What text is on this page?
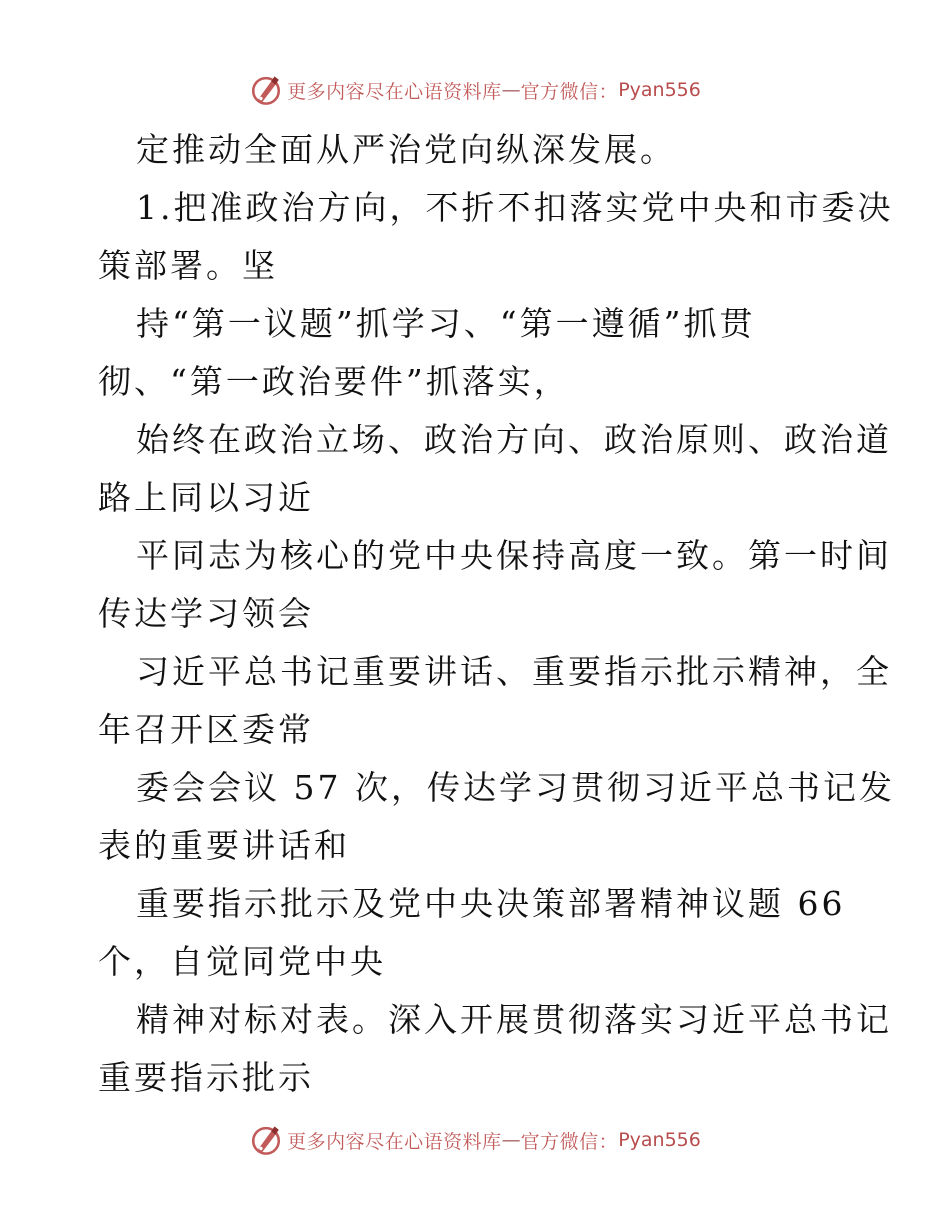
更多内容尽在心语资料库 — 官方微信： Pyan556
定推动全面从严治党向纵深发展。
1.把准政治方向，不折不扣落实党中央和市委决
策部署。坚
持“第一议题”抓学习、“第一遵循”抓贯
彻、“第一政治要件”抓落实，
始终在政治立场、政治方向、政治原则、政治道
路上同以习近
平同志为核心的党中央保持高度一致。第一时间
传达学习领会
习近平总书记重要讲话、重要指示批示精神，全
年召开区委常
委会会议 57 次，传达学习贯彻习近平总书记发
表的重要讲话和
重要指示批示及党中央决策部署精神议题 66
个，自觉同党中央
精神对标对表。深入开展贯彻落实习近平总书记
重要指示批示
更多内容尽在心语资料库 — 官方微信： Pyan556
